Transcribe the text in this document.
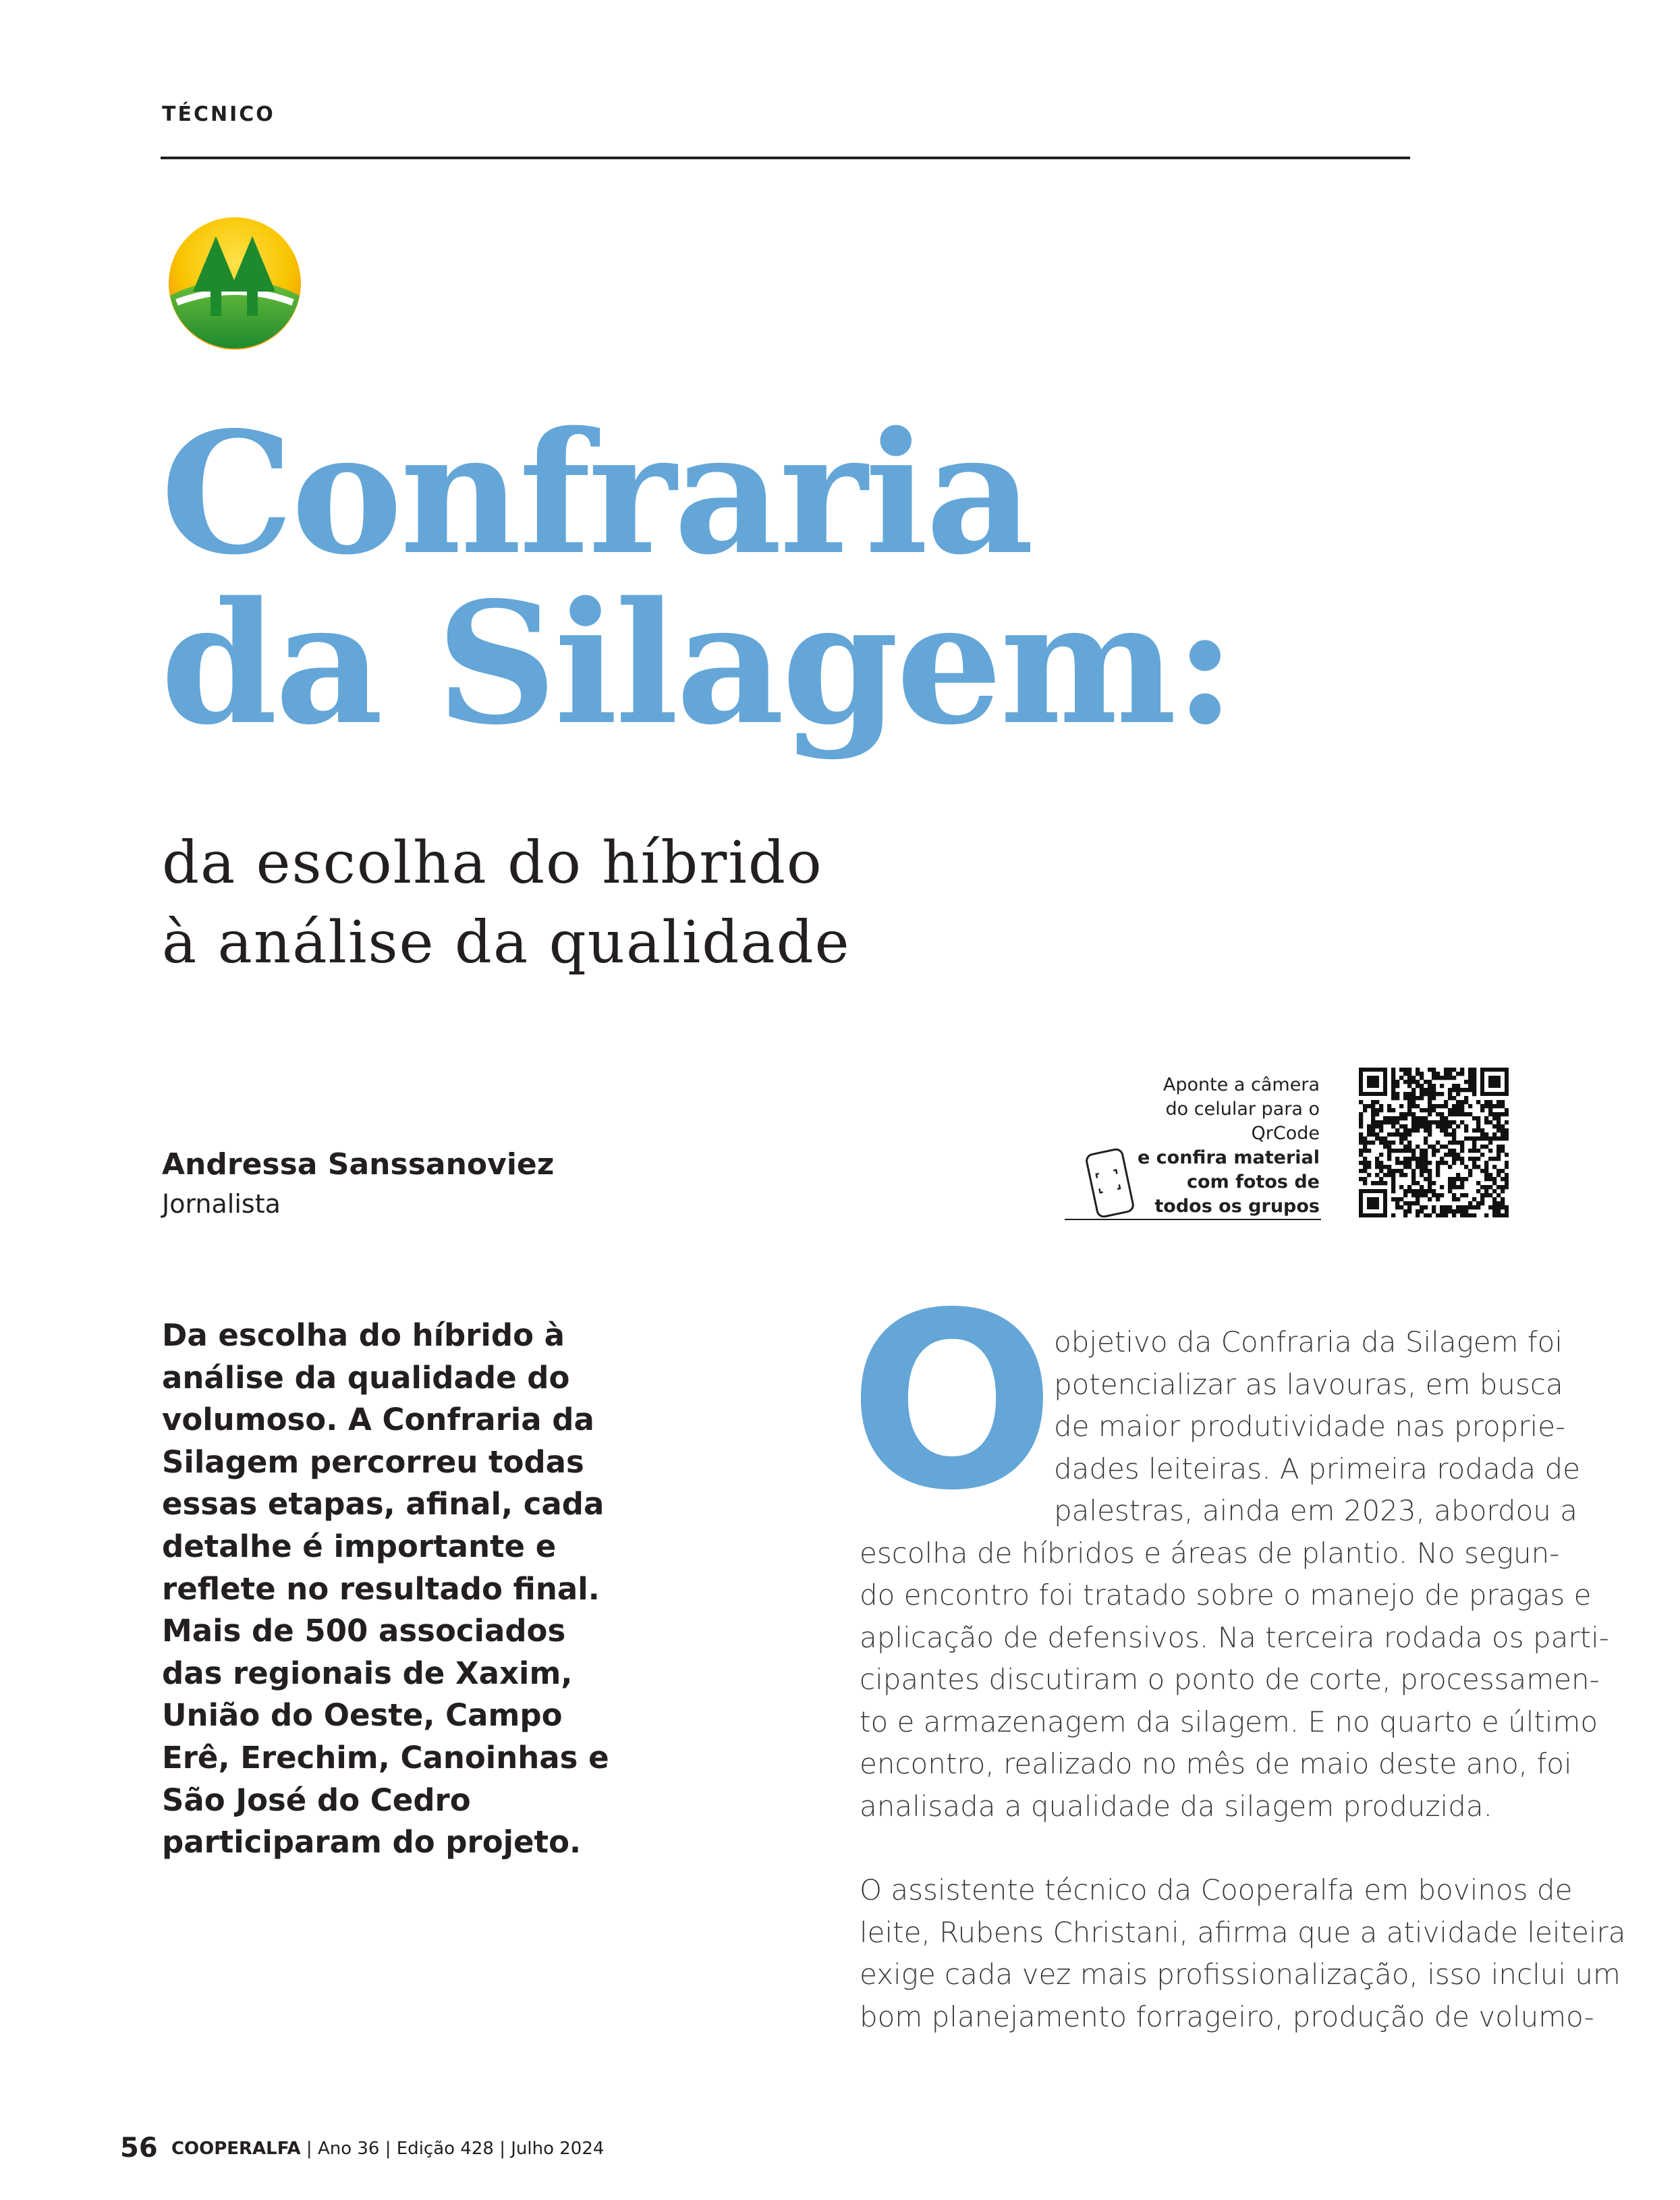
TÉCNICO
Confraria
da Silagem:
da escolha do híbrido
à análise da qualidade
Andressa Sanssanoviez
Jornalista
Aponte a câmera
do celular para o
QrCode
e confira material
com fotos de
todos os grupos

Da escolha do híbrido à análise da qualidade do volumoso. A Confraria da Silagem percorreu todas essas etapas, afinal, cada detalhe é importante e reflete no resultado final. Mais de 500 associados das regionais de Xaxim, União do Oeste, Campo Erê, Erechim, Canoinhas e São José do Cedro participaram do projeto.

O
objetivo da Confraria da Silagem foi
potencializar as lavouras, em busca
de maior produtividade nas proprie-
dades leiteiras. A primeira rodada de
palestras, ainda em 2023, abordou a
escolha de híbridos e áreas de plantio. No segun-
do encontro foi tratado sobre o manejo de pragas e
aplicação de defensivos. Na terceira rodada os parti-
cipantes discutiram o ponto de corte, processamen-
to e armazenagem da silagem. E no quarto e último
encontro, realizado no mês de maio deste ano, foi
analisada a qualidade da silagem produzida.
O assistente técnico da Cooperalfa em bovinos de
leite, Rubens Christani, afirma que a atividade leiteira
exige cada vez mais profissionalização, isso inclui um
bom planejamento forrageiro, produção de volumo-
56 COOPERALFA | Ano 36 | Edição 428 | Julho 2024
